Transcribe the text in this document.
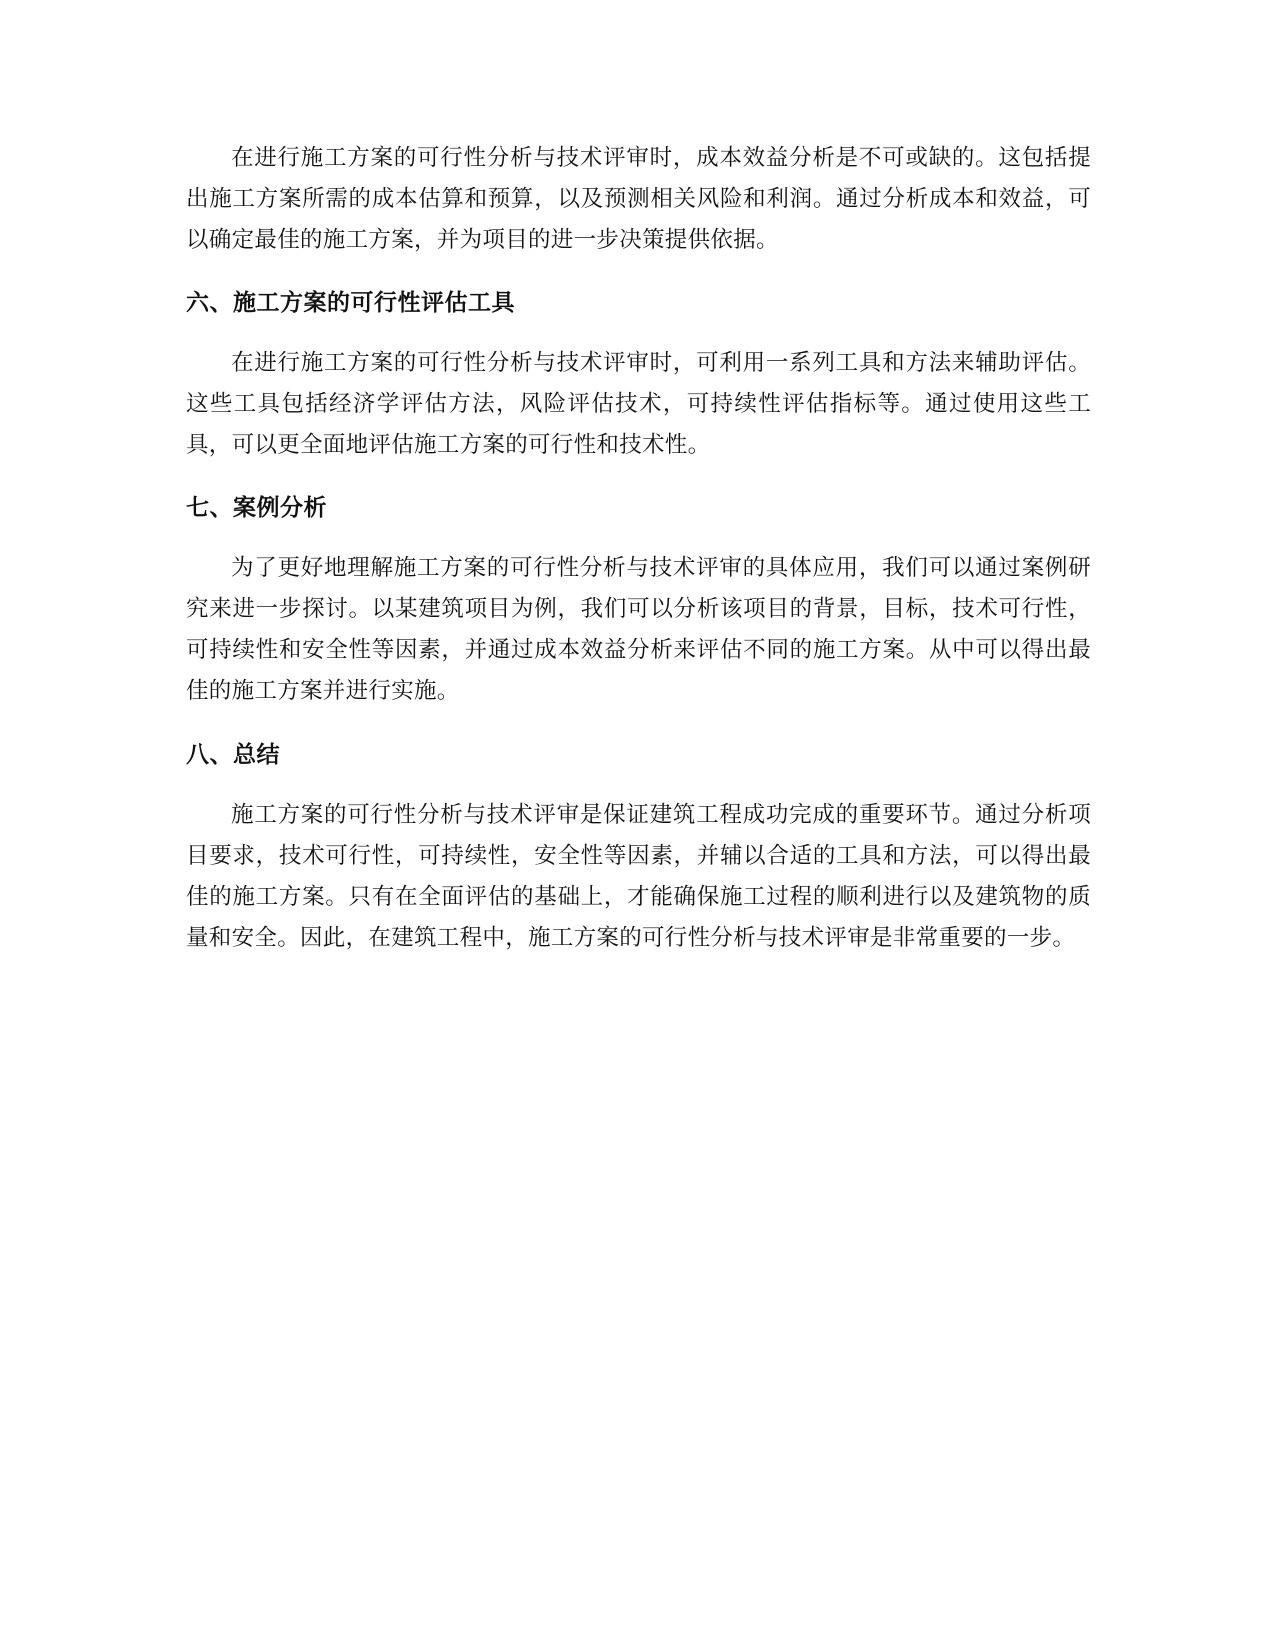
在进行施工方案的可行性分析与技术评审时，成本效益分析是不可或缺的。这包括提出施工方案所需的成本估算和预算，以及预测相关风险和利润。通过分析成本和效益，可以确定最佳的施工方案，并为项目的进一步决策提供依据。

六、施工方案的可行性评估工具

在进行施工方案的可行性分析与技术评审时，可利用一系列工具和方法来辅助评估。这些工具包括经济学评估方法，风险评估技术，可持续性评估指标等。通过使用这些工具，可以更全面地评估施工方案的可行性和技术性。

七、案例分析

为了更好地理解施工方案的可行性分析与技术评审的具体应用，我们可以通过案例研究来进一步探讨。以某建筑项目为例，我们可以分析该项目的背景，目标，技术可行性，可持续性和安全性等因素，并通过成本效益分析来评估不同的施工方案。从中可以得出最佳的施工方案并进行实施。

八、总结

施工方案的可行性分析与技术评审是保证建筑工程成功完成的重要环节。通过分析项目要求，技术可行性，可持续性，安全性等因素，并辅以合适的工具和方法，可以得出最佳的施工方案。只有在全面评估的基础上，才能确保施工过程的顺利进行以及建筑物的质量和安全。因此，在建筑工程中，施工方案的可行性分析与技术评审是非常重要的一步。
